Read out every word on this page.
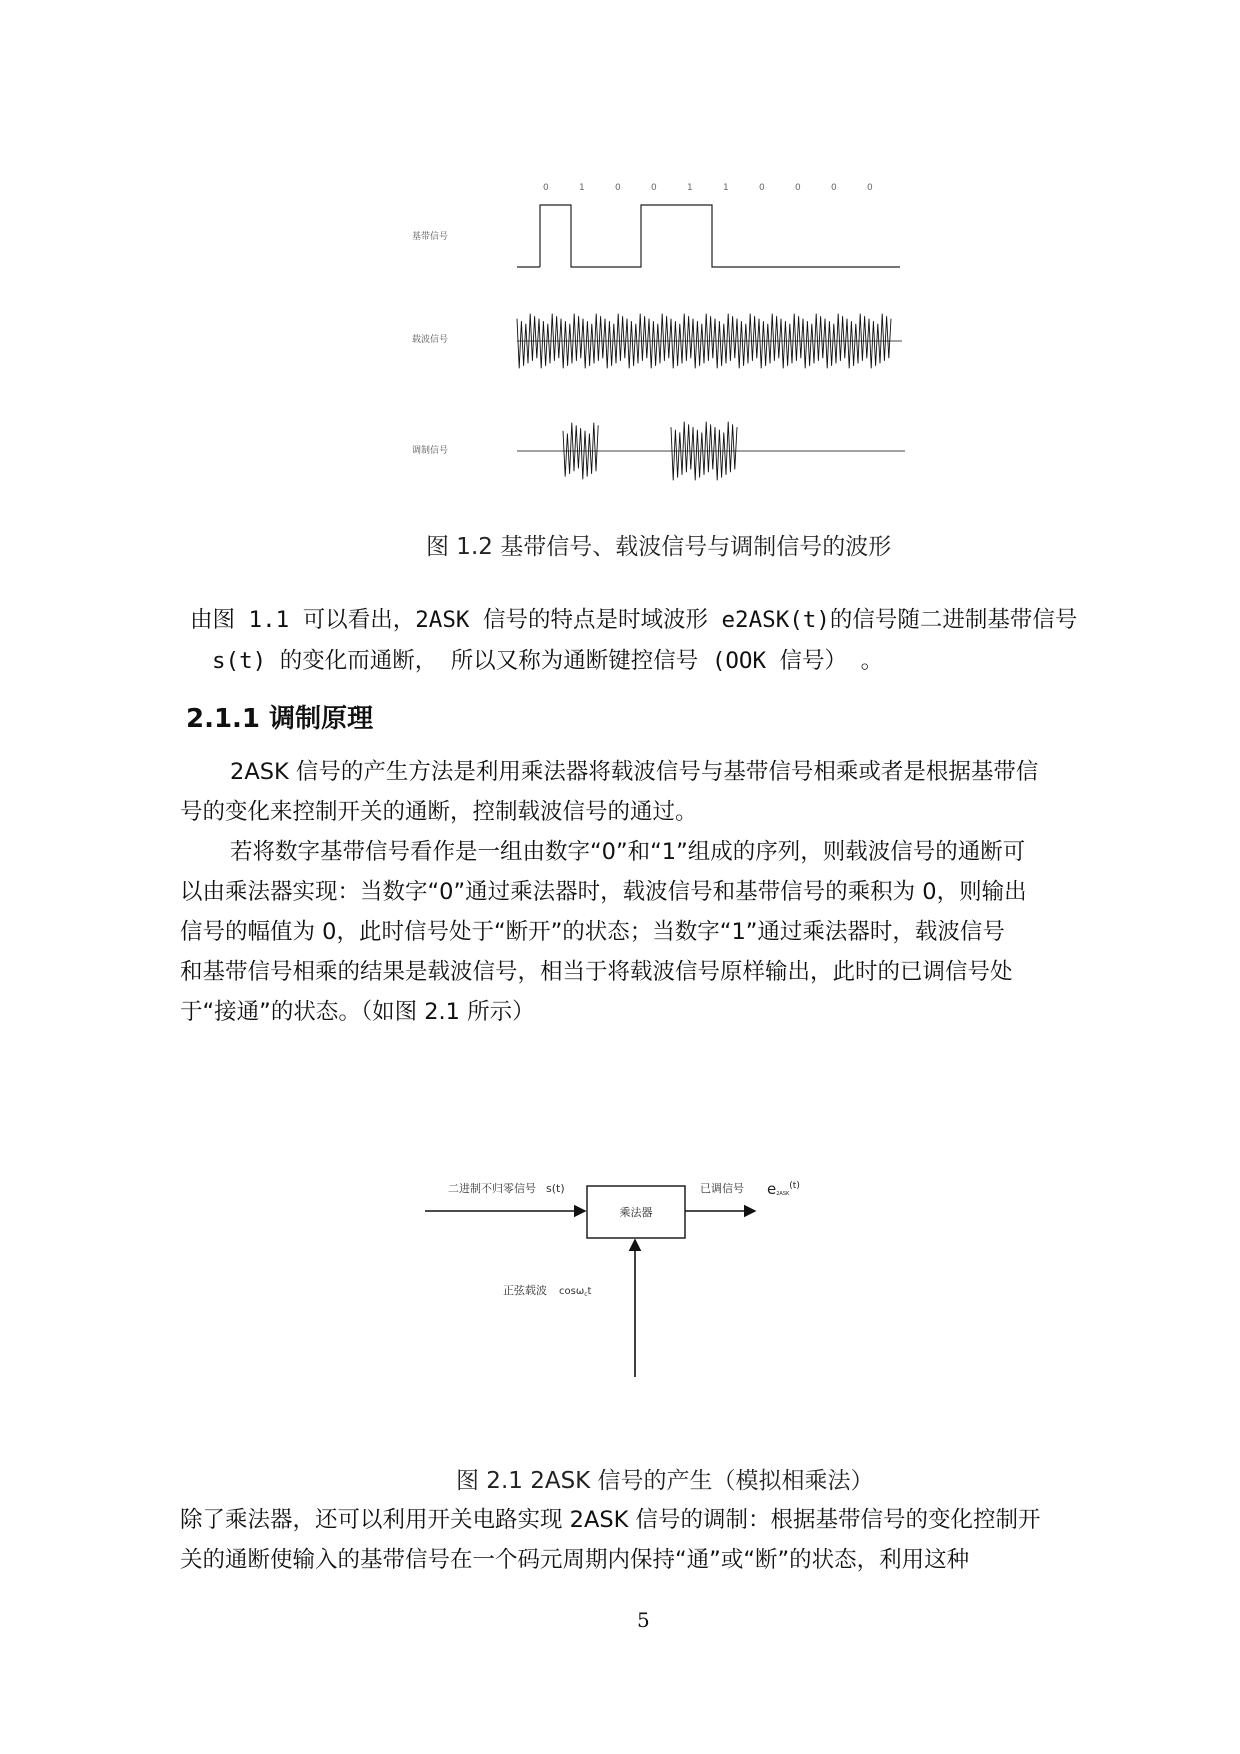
0	1	0	0	1	1	0	0	0	0
基带信号
载波信号
调制信号
图 1.2 基带信号、载波信号与调制信号的波形
由图 1.1 可以看出，2ASK 信号的特点是时域波形 e2ASK(t)的信号随二进制基带信号
s(t) 的变化而通断， 所以又称为通断键控信号 (OOK 信号） 。
2.1.1 调制原理
2ASK 信号的产生方法是利用乘法器将载波信号与基带信号相乘或者是根据基带信
号的变化来控制开关的通断，控制载波信号的通过。
若将数字基带信号看作是一组由数字“0”和“1”组成的序列，则载波信号的通断可
以由乘法器实现：当数字“0”通过乘法器时，载波信号和基带信号的乘积为 0，则输出
信号的幅值为 0，此时信号处于“断开”的状态；当数字“1”通过乘法器时，载波信号
和基带信号相乘的结果是载波信号，相当于将载波信号原样输出，此时的已调信号处
于“接通”的状态。（如图 2.1 所示）
二进制不归零信号 s(t)
乘法器
已调信号 e2ASK$^{(t)}$
正弦载波 cosωct
图 2.1 2ASK 信号的产生（模拟相乘法）
除了乘法器，还可以利用开关电路实现 2ASK 信号的调制：根据基带信号的变化控制开
关的通断使输入的基带信号在一个码元周期内保持“通”或“断”的状态，利用这种
5
